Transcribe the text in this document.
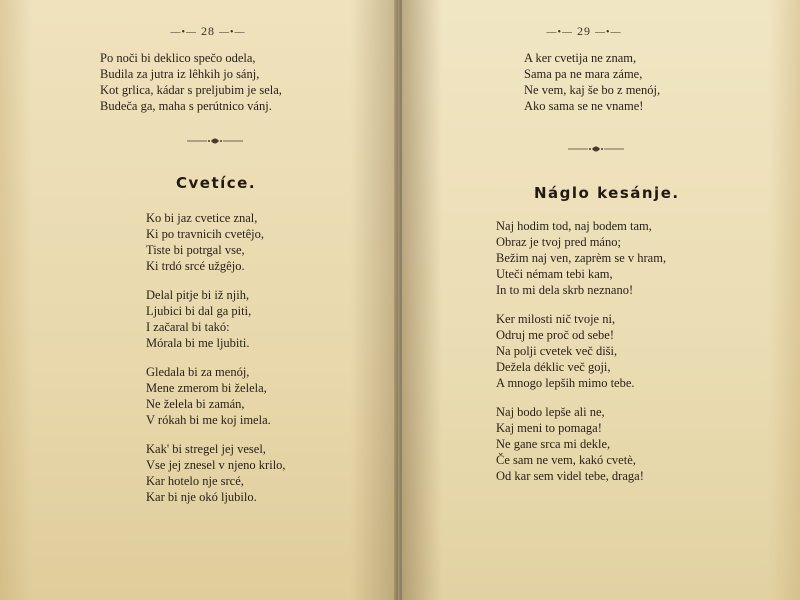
—•— 28 —•—
Po noči bi deklico spečo odela,
Budila za jutra iz lêhkih jo sánj,
Kot grlica, kádar s preljubim je sela,
Budeča ga, maha s perútnico vánj.
Cvetíce.
Ko bi jaz cvetice znal,
Ki po travnicih cvetêjo,
Tiste bi potrgal vse,
Ki trdó srcé užgêjo.
Delal pitje bi iž njih,
Ljubici bi dal ga piti,
I začaral bi takó:
Mórala bi me ljubiti.
Gledala bi za menój,
Mene zmerom bi želela,
Ne želela bi zamán,
V rókah bi me koj imela.
Kak' bi stregel jej vesel,
Vse jej znesel v njeno krilo,
Kar hotelo nje srcé,
Kar bi nje okó ljubilo.
—•— 29 —•—
A ker cvetija ne znam,
Sama pa ne mara záme,
Ne vem, kaj še bo z menój,
Ako sama se ne vname!
Náglo kesánje.
Naj hodim tod, naj bodem tam,
Obraz je tvoj pred máno;
Bežim naj ven, zaprèm se v hram,
Uteči némam tebi kam,
In to mi dela skrb neznano!
Ker milosti nič tvoje ni,
Odruj me proč od sebe!
Na polji cvetek več diši,
Dežela déklic več goji,
A mnogo lepših mimo tebe.
Naj bodo lepše ali ne,
Kaj meni to pomaga!
Ne gane srca mi dekle,
Če sam ne vem, kakó cvetè,
Od kar sem videl tebe, draga!
